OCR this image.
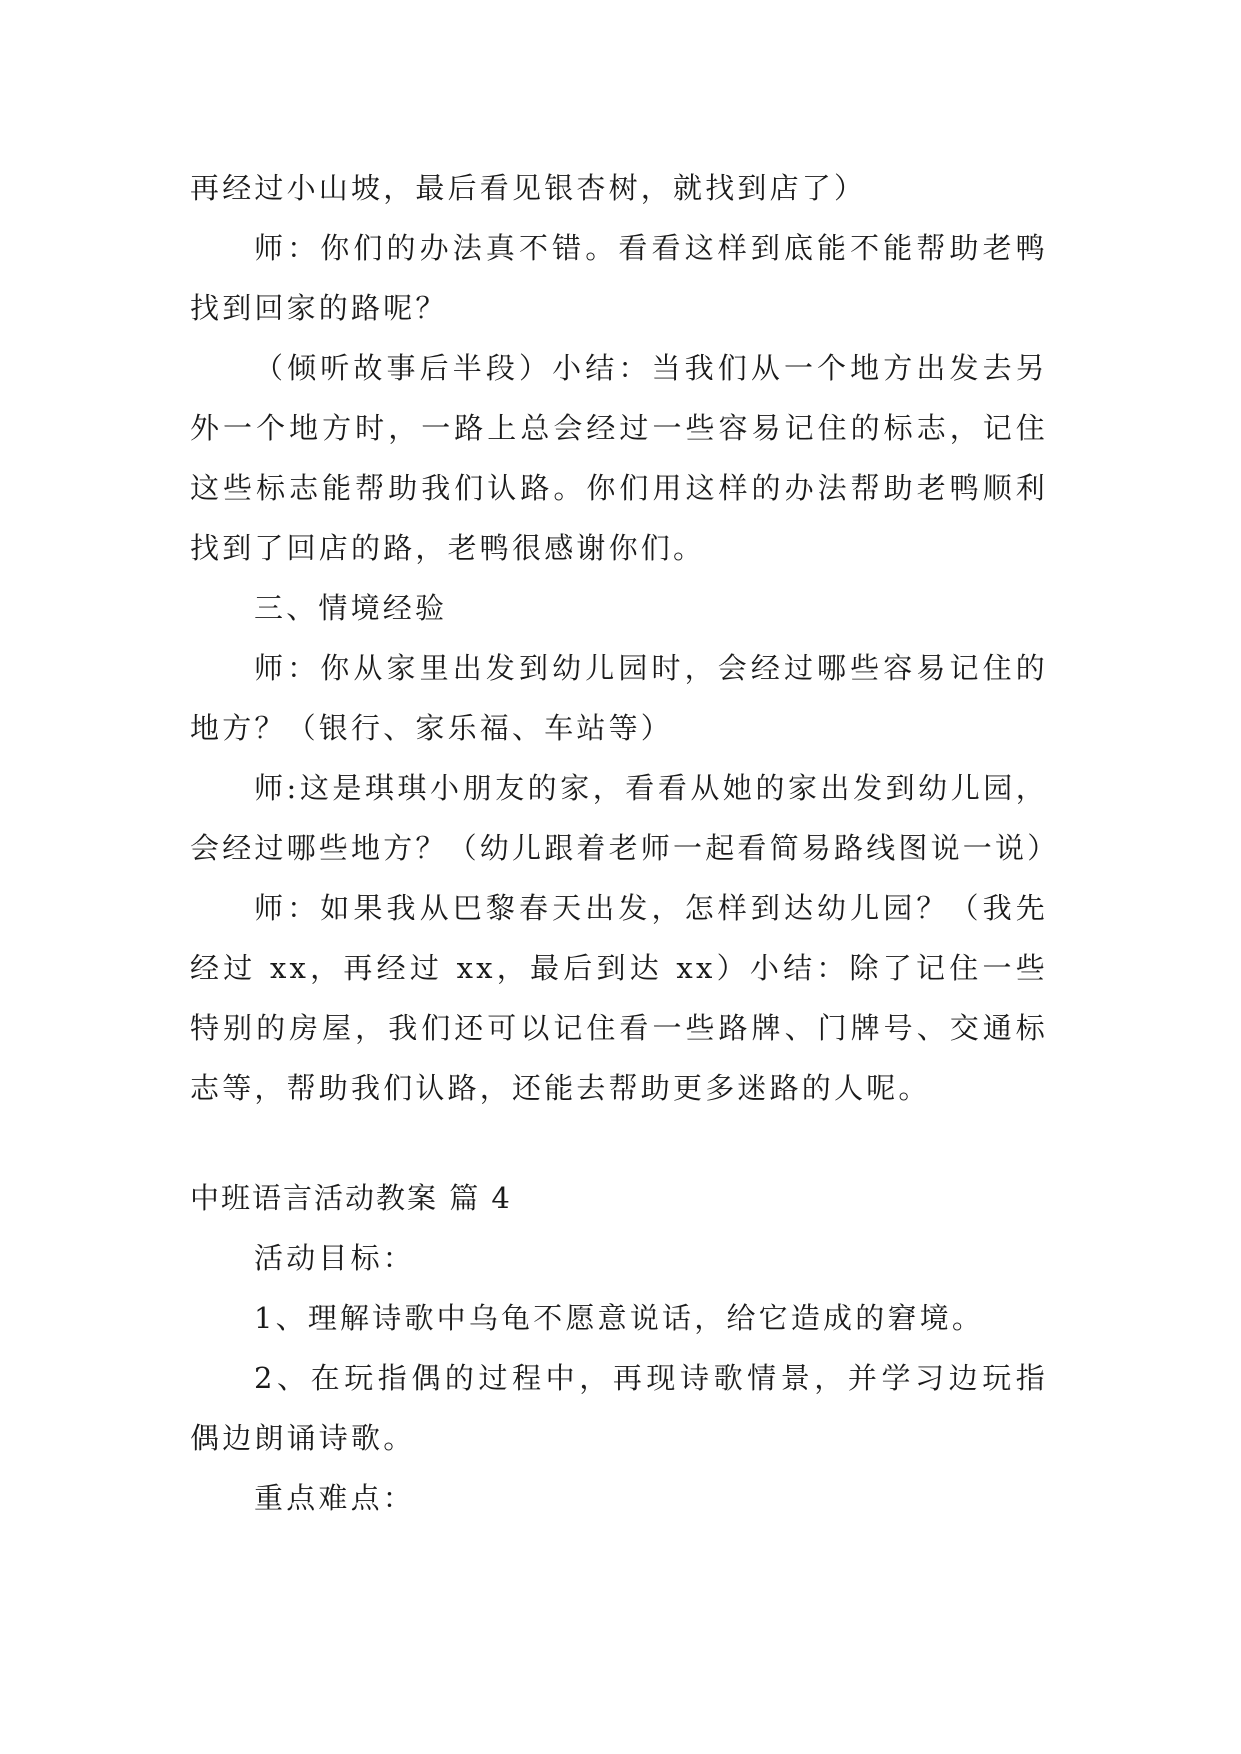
再经过小山坡，最后看见银杏树，就找到店了）

师：你们的办法真不错。看看这样到底能不能帮助老鸭找到回家的路呢？

（倾听故事后半段）小结：当我们从一个地方出发去另外一个地方时，一路上总会经过一些容易记住的标志，记住这些标志能帮助我们认路。你们用这样的办法帮助老鸭顺利找到了回店的路，老鸭很感谢你们。

三、情境经验

师：你从家里出发到幼儿园时，会经过哪些容易记住的地方？（银行、家乐福、车站等）

师:这是琪琪小朋友的家，看看从她的家出发到幼儿园，会经过哪些地方？（幼儿跟着老师一起看简易路线图说一说）

师：如果我从巴黎春天出发，怎样到达幼儿园？（我先经过 xx，再经过 xx，最后到达 xx）小结：除了记住一些特别的房屋，我们还可以记住看一些路牌、门牌号、交通标志等，帮助我们认路，还能去帮助更多迷路的人呢。

中班语言活动教案 篇 4

活动目标：

1、理解诗歌中乌龟不愿意说话，给它造成的窘境。

2、在玩指偶的过程中，再现诗歌情景，并学习边玩指偶边朗诵诗歌。

重点难点：
